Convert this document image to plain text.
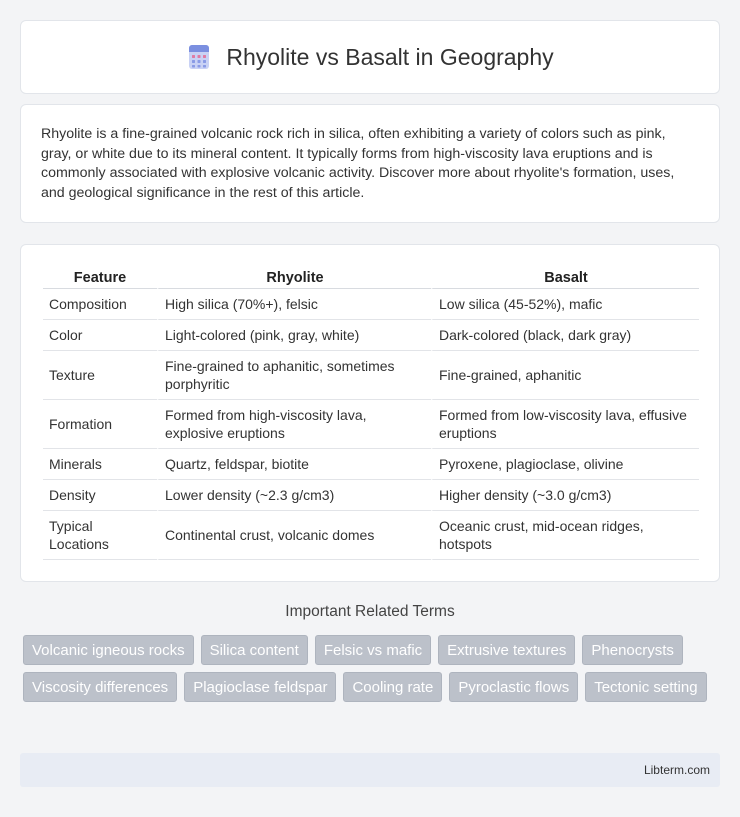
Rhyolite vs Basalt in Geography

Rhyolite is a fine-grained volcanic rock rich in silica, often exhibiting a variety of colors such as pink, gray, or white due to its mineral content. It typically forms from high-viscosity lava eruptions and is commonly associated with explosive volcanic activity. Discover more about rhyolite's formation, uses, and geological significance in the rest of this article.

Feature	Rhyolite	Basalt
Composition	High silica (70%+), felsic	Low silica (45-52%), mafic
Color	Light-colored (pink, gray, white)	Dark-colored (black, dark gray)
Texture	Fine-grained to aphanitic, sometimes porphyritic	Fine-grained, aphanitic
Formation	Formed from high-viscosity lava, explosive eruptions	Formed from low-viscosity lava, effusive eruptions
Minerals	Quartz, feldspar, biotite	Pyroxene, plagioclase, olivine
Density	Lower density (~2.3 g/cm3)	Higher density (~3.0 g/cm3)
Typical Locations	Continental crust, volcanic domes	Oceanic crust, mid-ocean ridges, hotspots
Important Related Terms
Volcanic igneous rocks	Silica content	Felsic vs mafic	Extrusive textures	Phenocrysts
Viscosity differences	Plagioclase feldspar	Cooling rate	Pyroclastic flows	Tectonic setting
Libterm.com
